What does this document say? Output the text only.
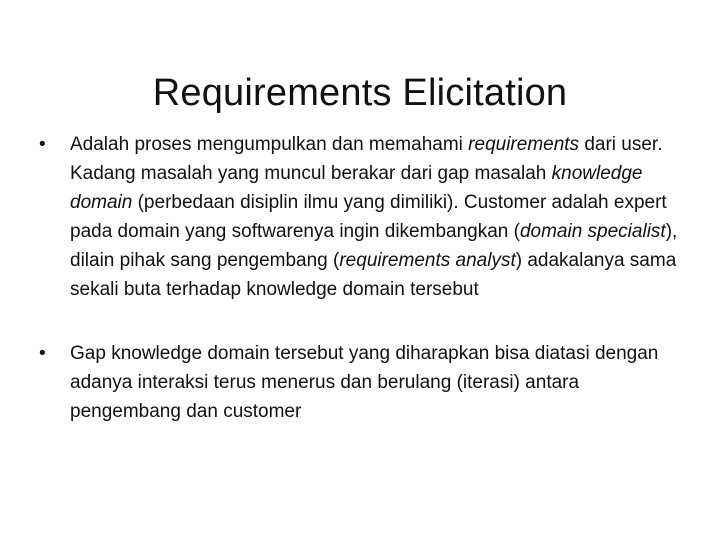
Requirements Elicitation
• Adalah proses mengumpulkan dan memahami requirements dari user. Kadang masalah yang muncul berakar dari gap masalah knowledge domain (perbedaan disiplin ilmu yang dimiliki). Customer adalah expert pada domain yang softwarenya ingin dikembangkan (domain specialist), dilain pihak sang pengembang (requirements analyst) adakalanya sama sekali buta terhadap knowledge domain tersebut
• Gap knowledge domain tersebut yang diharapkan bisa diatasi dengan adanya interaksi terus menerus dan berulang (iterasi) antara pengembang dan customer
